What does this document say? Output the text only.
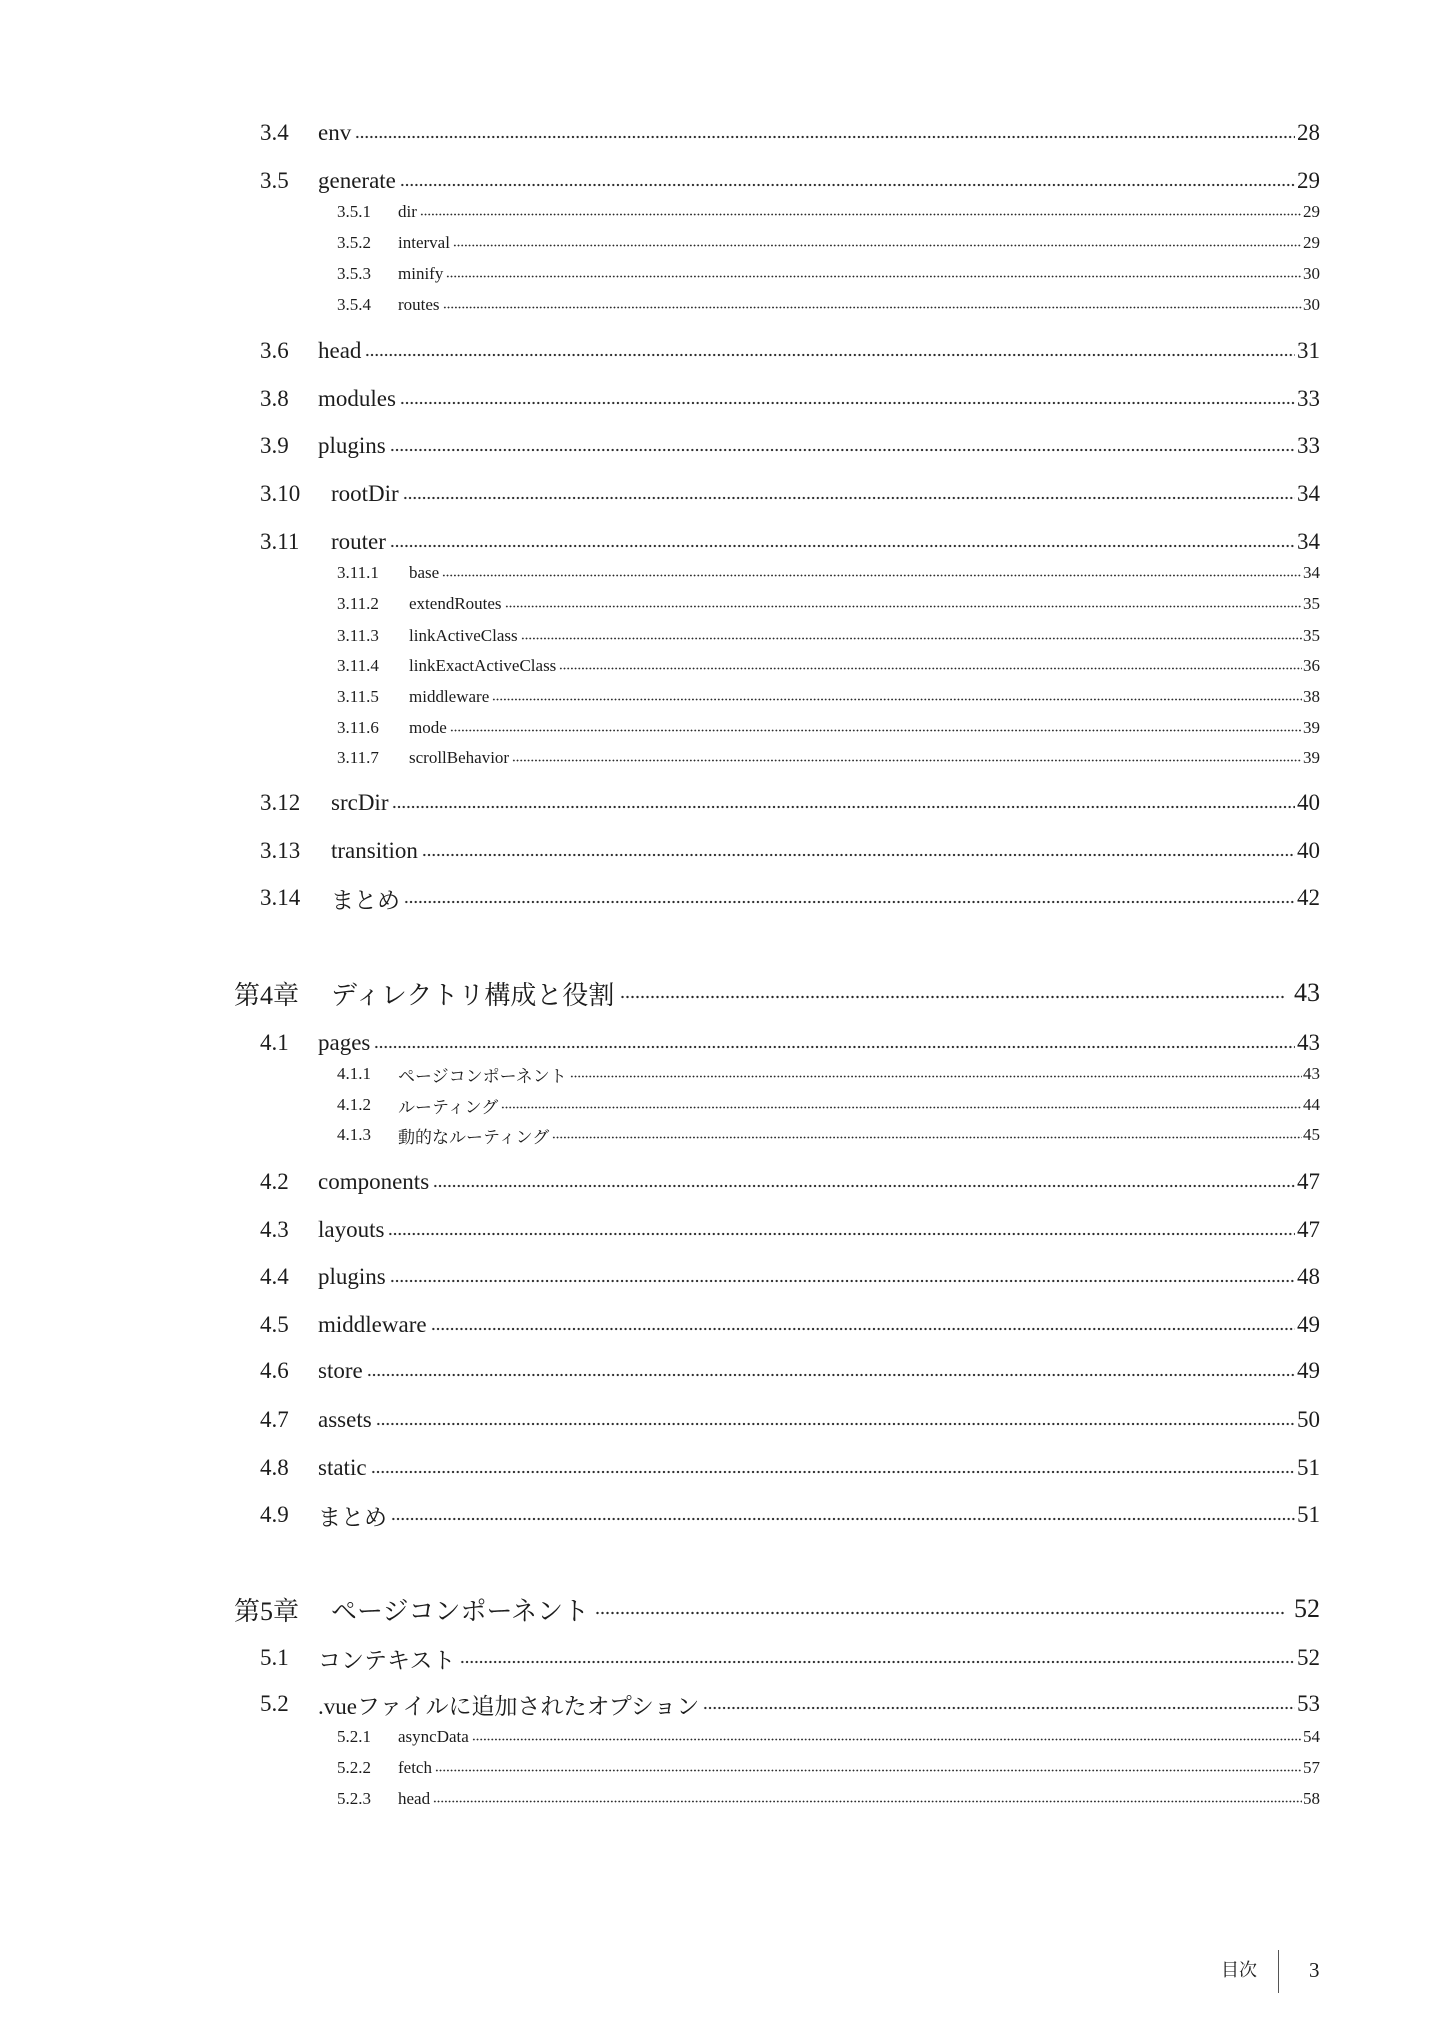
3.4	env	28
3.5	generate	29
3.5.1	dir	29
3.5.2	interval	29
3.5.3	minify	30
3.5.4	routes	30
3.6	head	31
3.8	modules	33
3.9	plugins	33
3.10	rootDir	34
3.11	router	34
3.11.1	base	34
3.11.2	extendRoutes	35
3.11.3	linkActiveClass	35
3.11.4	linkExactActiveClass	36
3.11.5	middleware	38
3.11.6	mode	39
3.11.7	scrollBehavior	39
3.12	srcDir	40
3.13	transition	40
3.14	まとめ	42
第4章	ディレクトリ構成と役割	43
4.1	pages	43
4.1.1	ページコンポーネント	43
4.1.2	ルーティング	44
4.1.3	動的なルーティング	45
4.2	components	47
4.3	layouts	47
4.4	plugins	48
4.5	middleware	49
4.6	store	49
4.7	assets	50
4.8	static	51
4.9	まとめ	51
第5章	ページコンポーネント	52
5.1	コンテキスト	52
5.2	.vueファイルに追加されたオプション	53
5.2.1	asyncData	54
5.2.2	fetch	57
5.2.3	head	58
目次 3
